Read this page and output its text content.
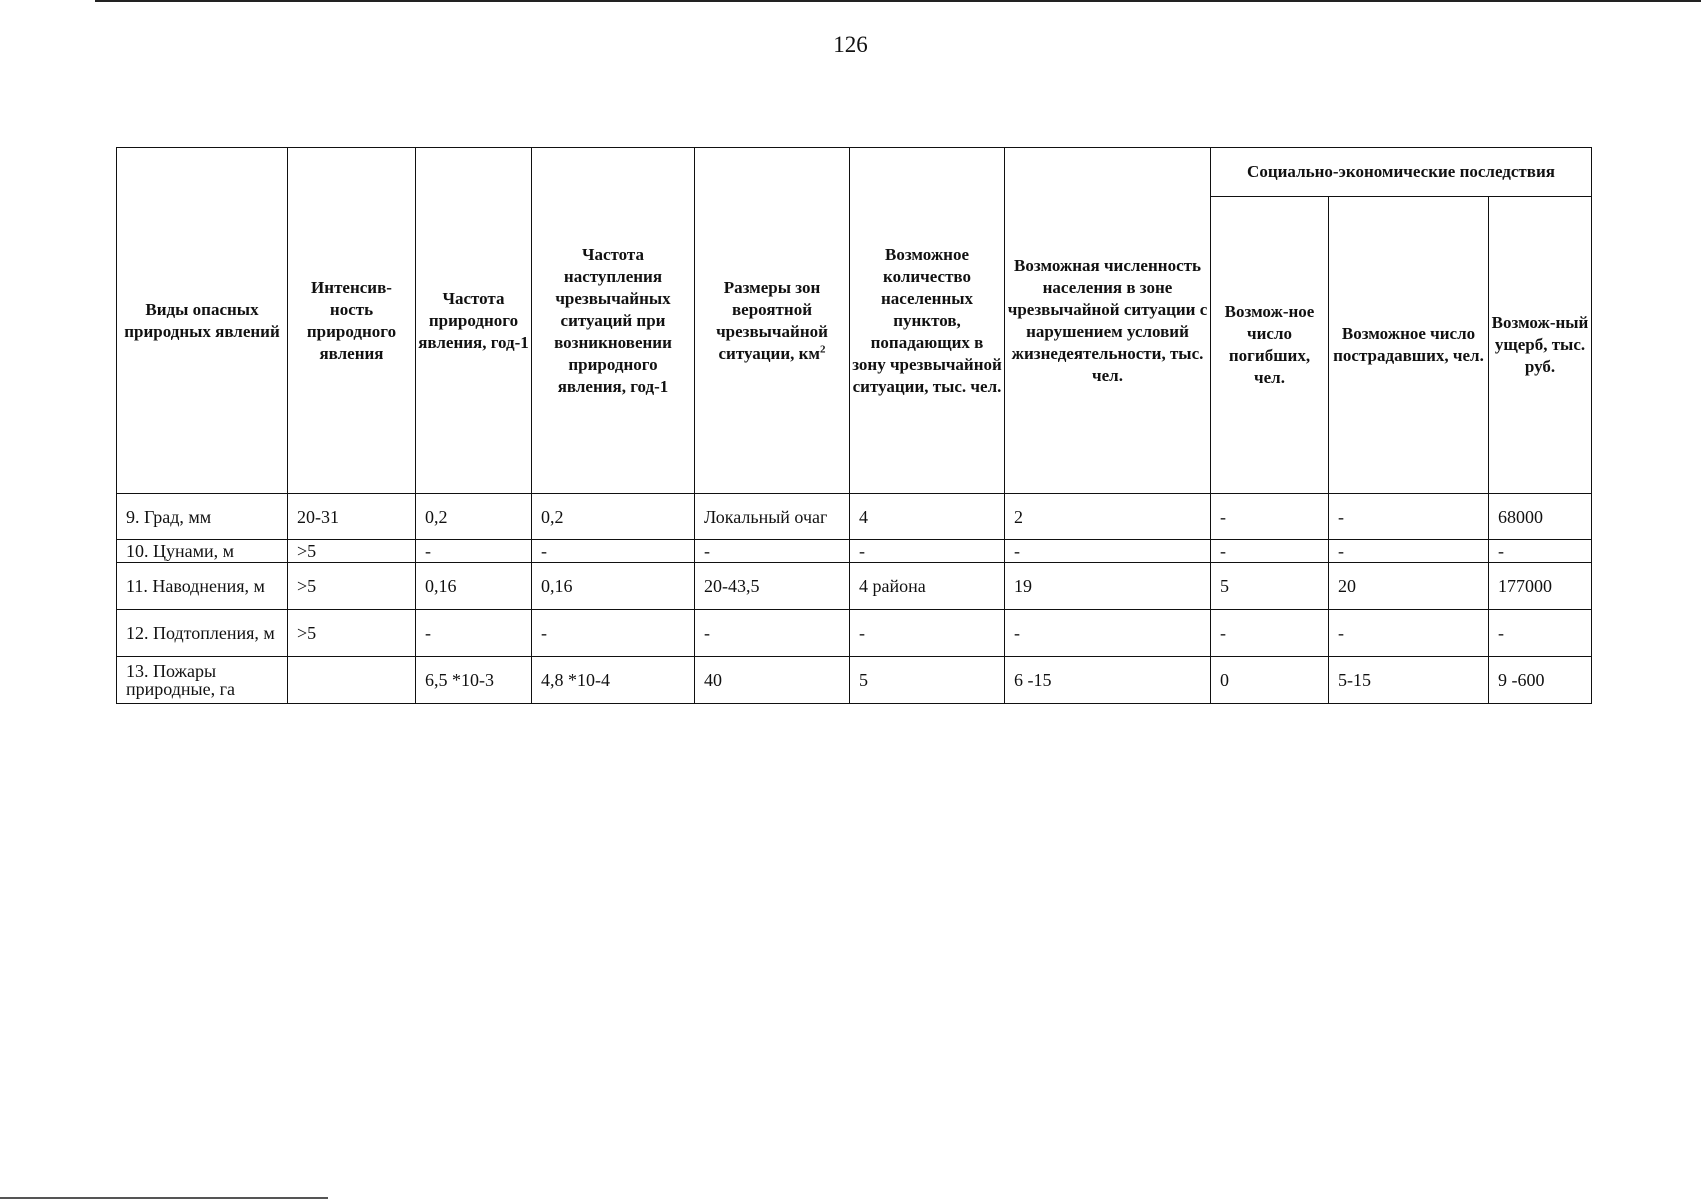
126
Виды опасных природных явлений	Интенсив-ность природного явления	Частота природного явления, год-1	Частота наступления чрезвычайных ситуаций при возникновении природного явления, год-1	Размеры зон вероятной чрезвычайной ситуации, $км^2$	Возможное количество населенных пунктов, попадающих в зону чрезвычайной ситуации, тыс. чел.	Возможная численность населения в зоне чрезвычайной ситуации с нарушением условий жизнедеятельности, тыс. чел.	Социально-экономические последствия		
							Возмож-ное число погибших, чел.	Возможное число пострадавших, чел.	Возмож-ный ущерб, тыс. руб.
9. Град, мм	20-31	0,2	0,2	Локальный очаг	4	2	-	-	68000
10. Цунами, м	>5	-	-	-	-	-	-	-	-
11. Наводнения, м	>5	0,16	0,16	20-43,5	4 района	19	5	20	177000
12. Подтопления, м	>5	-	-	-	-	-	-	-	-
13. Пожары природные, га		6,5 *10-3	4,8 *10-4	40	5	6 -15	0	5-15	9 -600
